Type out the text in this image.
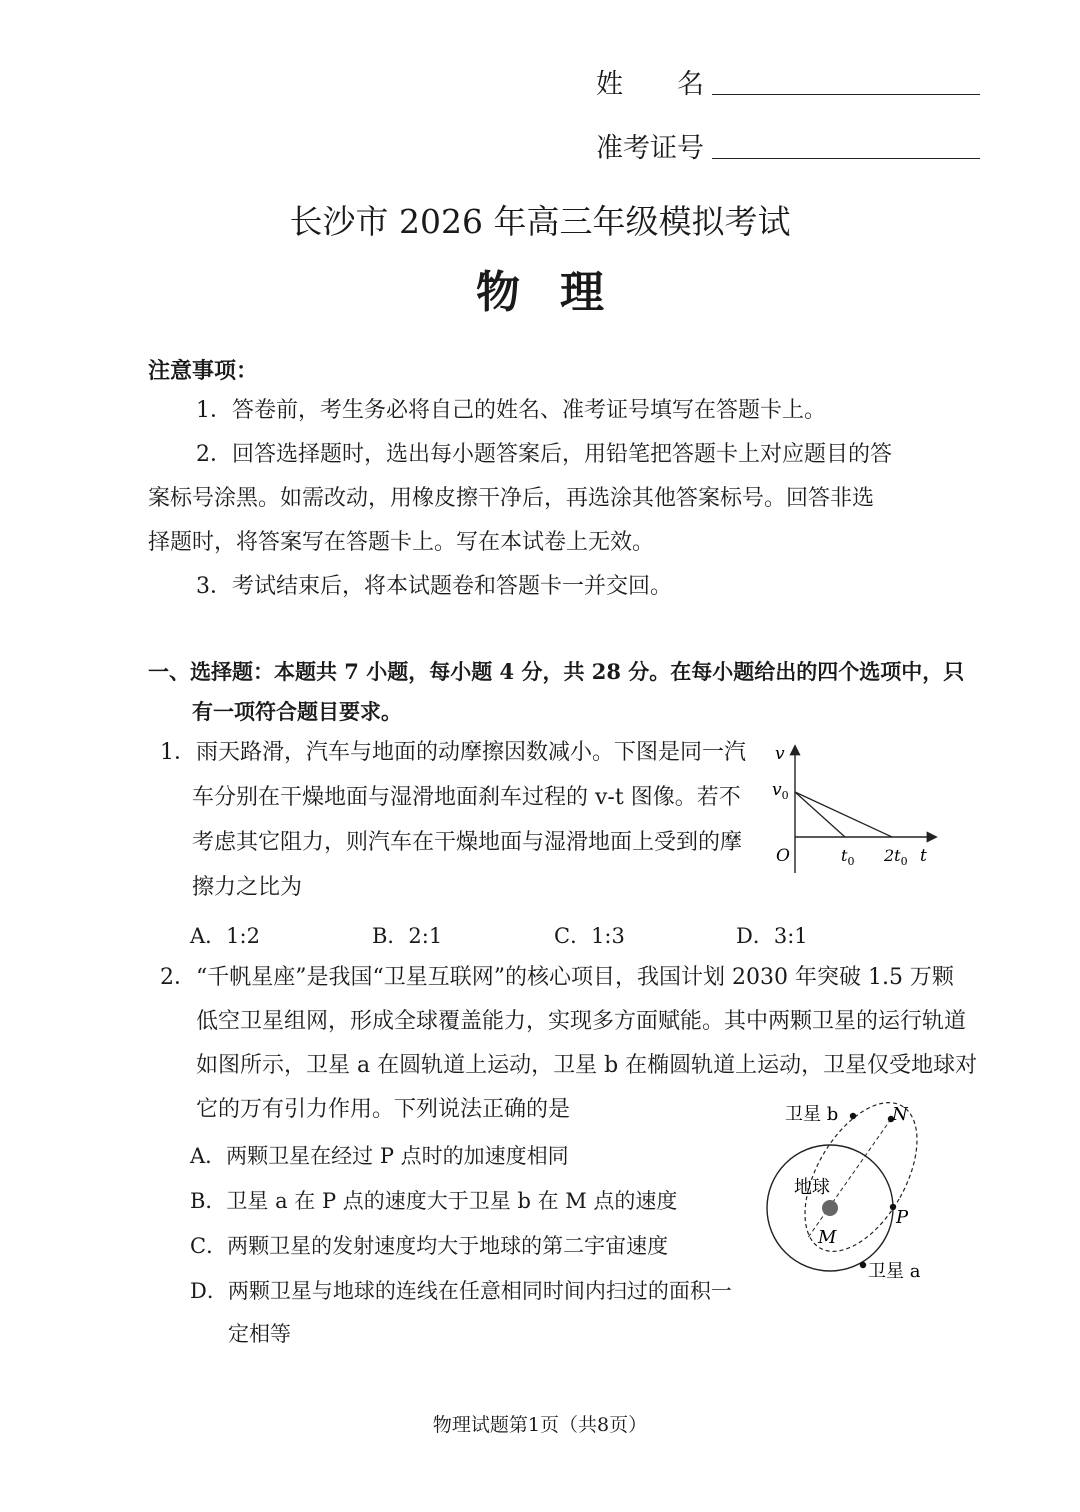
姓　　名
准考证号
长沙市 2026 年高三年级模拟考试
物理
注意事项：
1．答卷前，考生务必将自己的姓名、准考证号填写在答题卡上。
2．回答选择题时，选出每小题答案后，用铅笔把答题卡上对应题目的答
案标号涂黑。如需改动，用橡皮擦干净后，再选涂其他答案标号。回答非选
择题时，将答案写在答题卡上。写在本试卷上无效。
3．考试结束后，将本试题卷和答题卡一并交回。
一、选择题：本题共 7 小题，每小题 4 分，共 28 分。在每小题给出的四个选项中，只
有一项符合题目要求。
1．雨天路滑，汽车与地面的动摩擦因数减小。下图是同一汽
车分别在干燥地面与湿滑地面刹车过程的 v-t 图像。若不
考虑其它阻力，则汽车在干燥地面与湿滑地面上受到的摩
擦力之比为
A．1:2	B．2:1	C．1:3	D．3:1
v
$v_0$
O	$t_0$ $2t_0$ t
2．“千帆星座”是我国“卫星互联网”的核心项目，我国计划 2030 年突破 1.5 万颗
低空卫星组网，形成全球覆盖能力，实现多方面赋能。其中两颗卫星的运行轨道
如图所示，卫星 a 在圆轨道上运动，卫星 b 在椭圆轨道上运动，卫星仅受地球对
它的万有引力作用。下列说法正确的是
A．两颗卫星在经过 P 点时的加速度相同
B．卫星 a 在 P 点的速度大于卫星 b 在 M 点的速度
C．两颗卫星的发射速度均大于地球的第二宇宙速度
D．两颗卫星与地球的连线在任意相同时间内扫过的面积一
定相等
卫星 b	N
地球
P
M
卫星 a
物理试题第1页（共8页）
